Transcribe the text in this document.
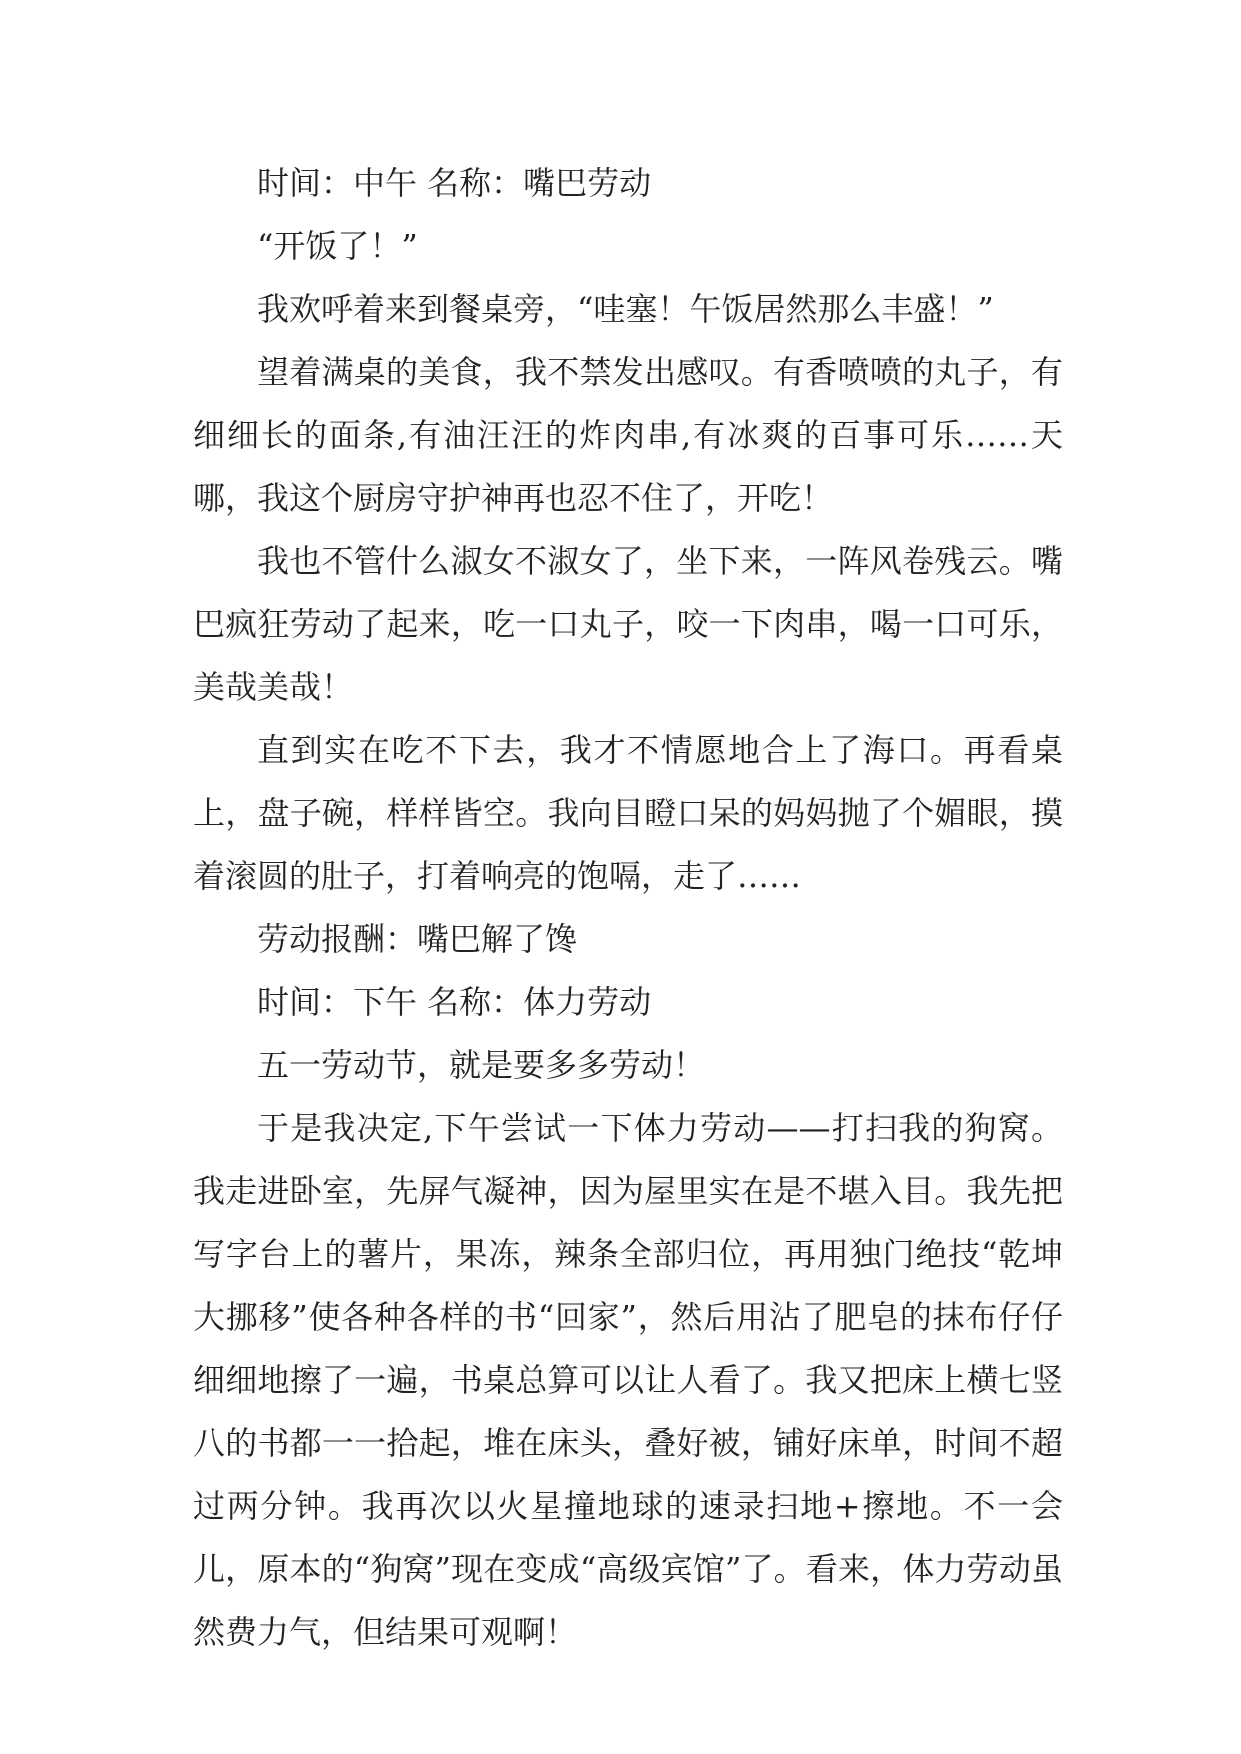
时间：中午 名称：嘴巴劳动

“开饭了！”

我欢呼着来到餐桌旁，“哇塞！午饭居然那么丰盛！”

望着满桌的美食，我不禁发出感叹。有香喷喷的丸子，有细细长的面条,有油汪汪的炸肉串,有冰爽的百事可乐……天哪，我这个厨房守护神再也忍不住了，开吃！

我也不管什么淑女不淑女了，坐下来，一阵风卷残云。嘴巴疯狂劳动了起来，吃一口丸子，咬一下肉串，喝一口可乐，美哉美哉！

直到实在吃不下去，我才不情愿地合上了海口。再看桌上，盘子碗，样样皆空。我向目瞪口呆的妈妈抛了个媚眼，摸着滚圆的肚子，打着响亮的饱嗝，走了……

劳动报酬：嘴巴解了馋

时间：下午 名称：体力劳动

五一劳动节，就是要多多劳动！

于是我决定,下午尝试一下体力劳动——打扫我的狗窝。我走进卧室，先屏气凝神，因为屋里实在是不堪入目。我先把写字台上的薯片，果冻，辣条全部归位，再用独门绝技“乾坤大挪移”使各种各样的书“回家”，然后用沾了肥皂的抹布仔仔细细地擦了一遍，书桌总算可以让人看了。我又把床上横七竖八的书都一一拾起，堆在床头，叠好被，铺好床单，时间不超过两分钟。我再次以火星撞地球的速录扫地+擦地。不一会儿，原本的“狗窝”现在变成“高级宾馆”了。看来，体力劳动虽然费力气，但结果可观啊！
